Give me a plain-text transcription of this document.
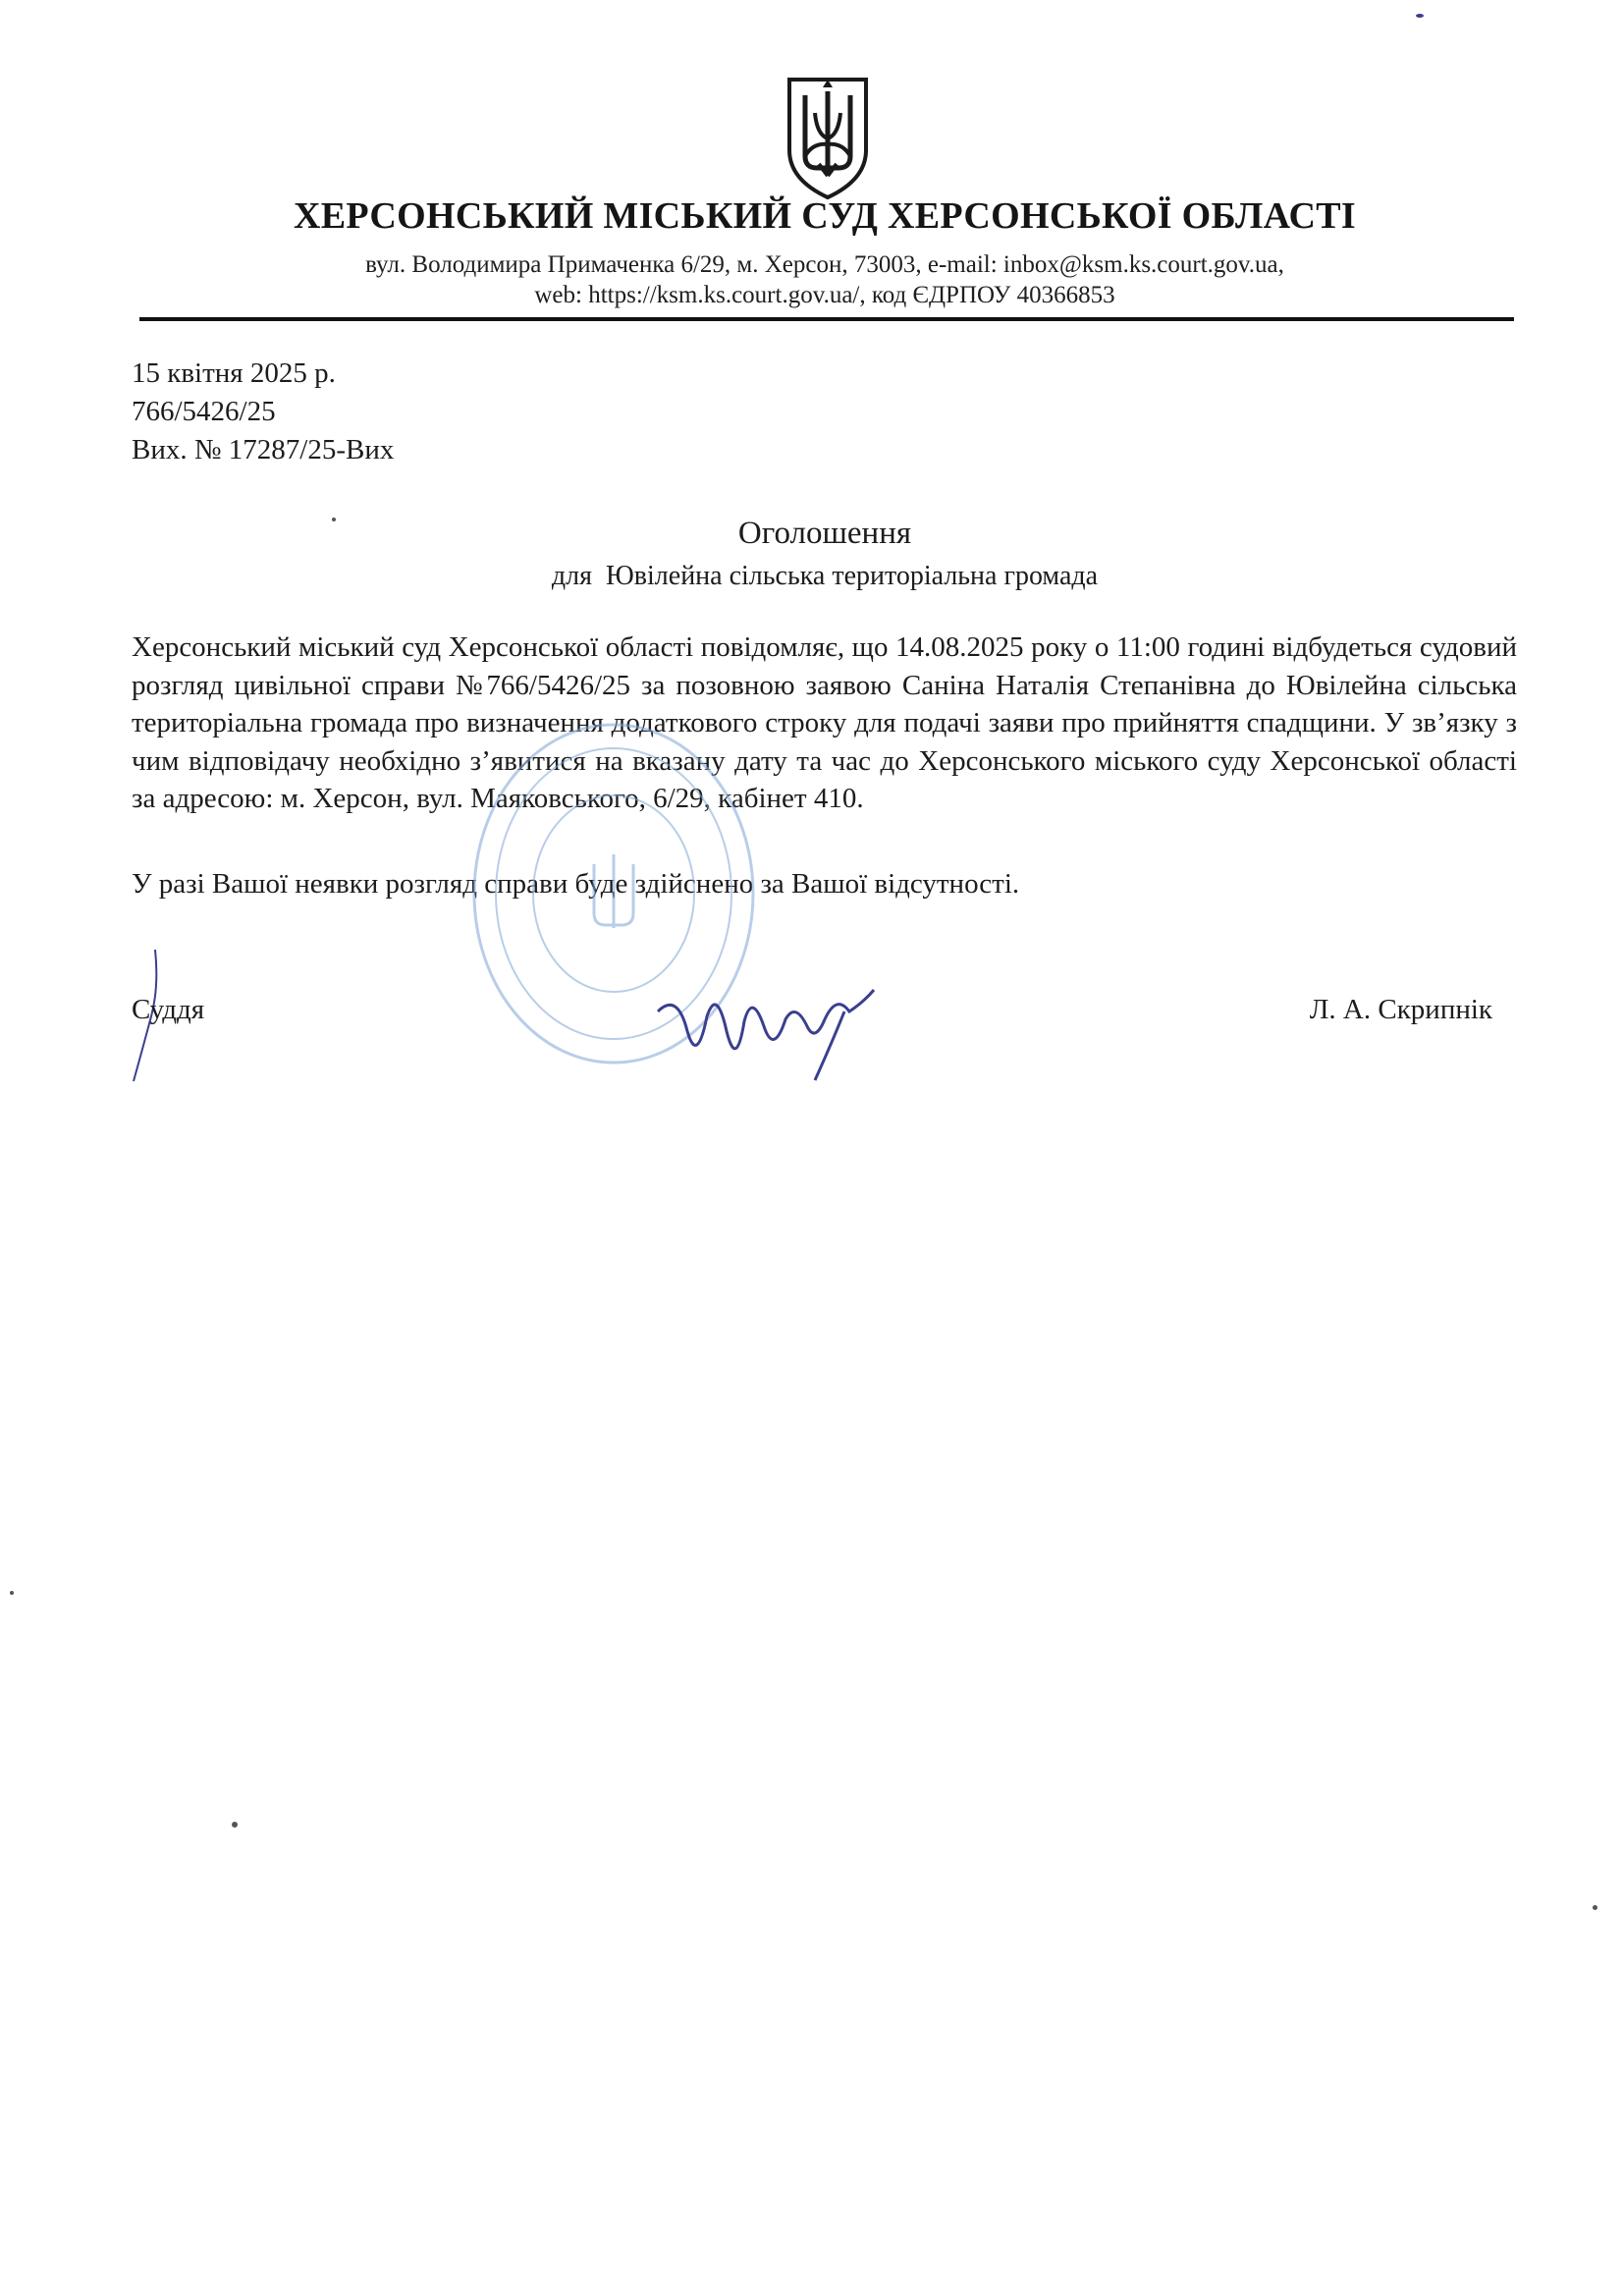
ХЕРСОНСЬКИЙ МІСЬКИЙ СУД ХЕРСОНСЬКОЇ ОБЛАСТІ
вул. Володимира Примаченка 6/29, м. Херсон, 73003, e-mail: inbox@ksm.ks.court.gov.ua,
web: https://ksm.ks.court.gov.ua/, код ЄДРПОУ 40366853
15 квітня 2025 р.
766/5426/25
Вих. № 17287/25-Вих
Оголошення
для  Ювілейна сільська територіальна громада

Херсонський міський суд Херсонської області повідомляє, що 14.08.2025 року о 11:00 годині відбудеться судовий розгляд цивільної справи №766/5426/25 за позовною заявою Саніна Наталія Степанівна до Ювілейна сільська територіальна громада про визначення додаткового строку для подачі заяви про прийняття спадщини. У зв’язку з чим відповідачу необхідно з’явитися на вказану дату та час до Херсонського міського суду Херсонської області за адресою: м. Херсон, вул. Маяковського, 6/29, кабінет 410.

У разі Вашої неявки розгляд справи буде здійснено за Вашої відсутності.
Суддя	Л. А. Скрипнік
